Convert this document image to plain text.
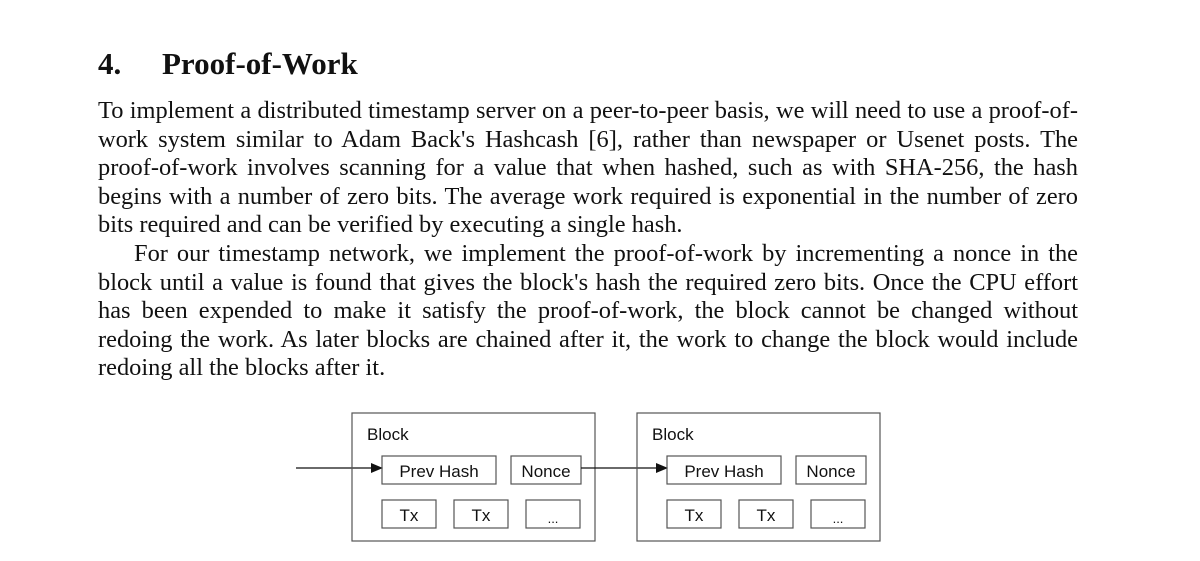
4. Proof-of-Work

To implement a distributed timestamp server on a peer-to-peer basis, we will need to use a proof-of-work system similar to Adam Back's Hashcash [6], rather than newspaper or Usenet posts. The proof-of-work involves scanning for a value that when hashed, such as with SHA-256, the hash begins with a number of zero bits. The average work required is exponential in the number of zero bits required and can be verified by executing a single hash.

For our timestamp network, we implement the proof-of-work by incrementing a nonce in the block until a value is found that gives the block's hash the required zero bits. Once the CPU effort has been expended to make it satisfy the proof-of-work, the block cannot be changed without redoing the work. As later blocks are chained after it, the work to change the block would include redoing all the blocks after it.

Block
Prev Hash	Nonce
Tx	Tx	...
Block
Prev Hash	Nonce
Tx	Tx	...
